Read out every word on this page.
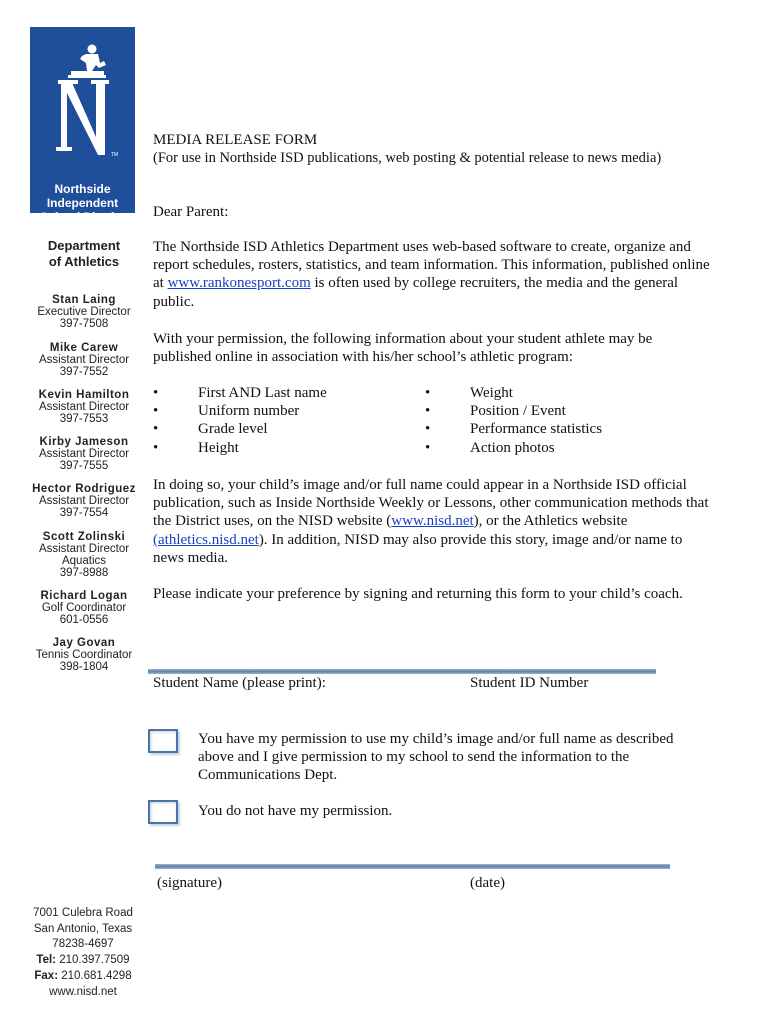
TM
Northside
Independent
School District
Department
of Athletics
Stan Laing
Executive Director
397-7508
Mike Carew
Assistant Director
397-7552
Kevin Hamilton
Assistant Director
397-7553
Kirby Jameson
Assistant Director
397-7555
Hector Rodriguez
Assistant Director
397-7554
Scott Zolinski
Assistant Director
Aquatics
397-8988
Richard Logan
Golf Coordinator
601-0556
Jay Govan
Tennis Coordinator
398-1804
7001 Culebra Road
San Antonio, Texas
78238-4697
Tel: 210.397.7509
Fax: 210.681.4298
www.nisd.net
MEDIA RELEASE FORM
(For use in Northside ISD publications, web posting & potential release to news media)
Dear Parent:
The Northside ISD Athletics Department uses web-based software to create, organize and report schedules, rosters, statistics, and team information. This information, published online at www.rankonesport.com is often used by college recruiters, the media and the general public.
With your permission, the following information about your student athlete may be published online in association with his/her school’s athletic program:
•	First AND Last name
•	Uniform number
•	Grade level
•	Height
•	Weight
•	Position / Event
•	Performance statistics
•	Action photos
In doing so, your child’s image and/or full name could appear in a Northside ISD official publication, such as Inside Northside Weekly or Lessons, other communication methods that the District uses, on the NISD website (www.nisd.net), or the Athletics website (athletics.nisd.net). In addition, NISD may also provide this story, image and/or name to news media.
Please indicate your preference by signing and returning this form to your child’s coach.
Student Name (please print):	Student ID Number
You have my permission to use my child’s image and/or full name as described above and I give permission to my school to send the information to the Communications Dept.
You do not have my permission.
(signature)	(date)
